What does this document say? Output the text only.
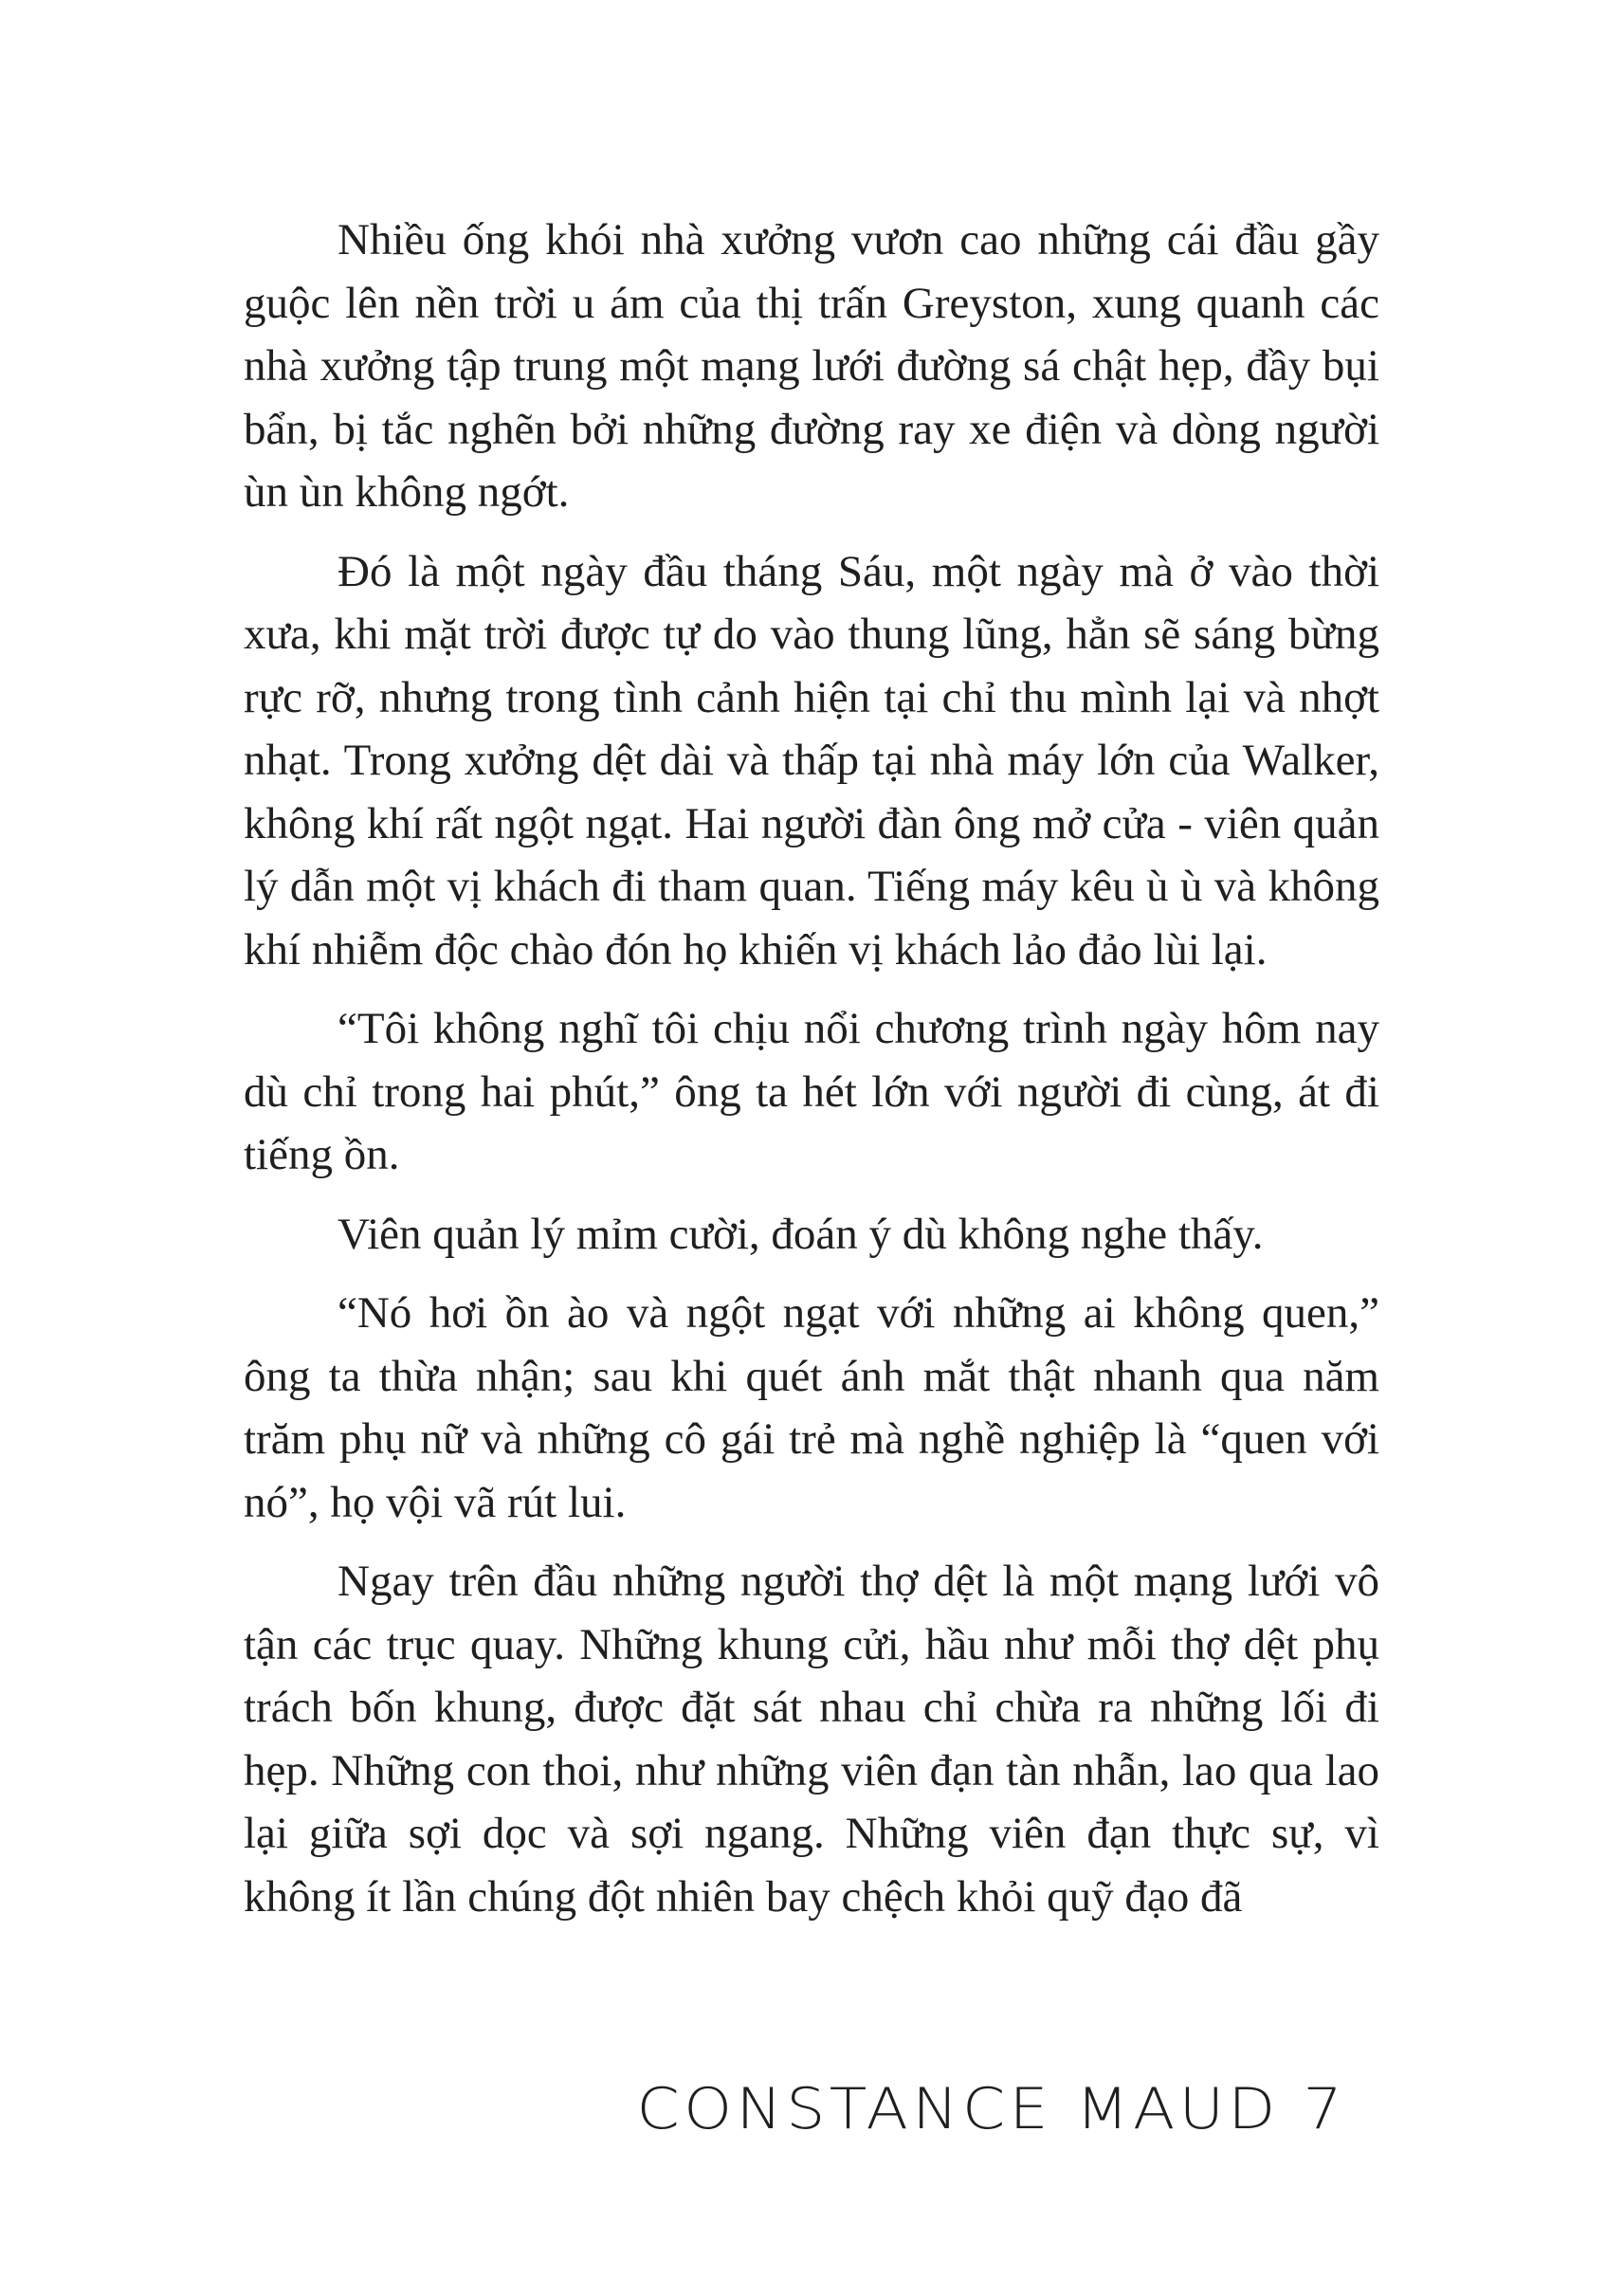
Nhiều ống khói nhà xưởng vươn cao những cái đầu gầy guộc lên nền trời u ám của thị trấn Greyston, xung quanh các nhà xưởng tập trung một mạng lưới đường sá chật hẹp, đầy bụi bẩn, bị tắc nghẽn bởi những đường ray xe điện và dòng người ùn ùn không ngớt.

Đó là một ngày đầu tháng Sáu, một ngày mà ở vào thời xưa, khi mặt trời được tự do vào thung lũng, hẳn sẽ sáng bừng rực rỡ, nhưng trong tình cảnh hiện tại chỉ thu mình lại và nhợt nhạt. Trong xưởng dệt dài và thấp tại nhà máy lớn của Walker, không khí rất ngột ngạt. Hai người đàn ông mở cửa - viên quản lý dẫn một vị khách đi tham quan. Tiếng máy kêu ù ù và không khí nhiễm độc chào đón họ khiến vị khách lảo đảo lùi lại.

“Tôi không nghĩ tôi chịu nổi chương trình ngày hôm nay dù chỉ trong hai phút,” ông ta hét lớn với người đi cùng, át đi tiếng ồn.

Viên quản lý mỉm cười, đoán ý dù không nghe thấy.

“Nó hơi ồn ào và ngột ngạt với những ai không quen,” ông ta thừa nhận; sau khi quét ánh mắt thật nhanh qua năm trăm phụ nữ và những cô gái trẻ mà nghề nghiệp là “quen với nó”, họ vội vã rút lui.

Ngay trên đầu những người thợ dệt là một mạng lưới vô tận các trục quay. Những khung cửi, hầu như mỗi thợ dệt phụ trách bốn khung, được đặt sát nhau chỉ chừa ra những lối đi hẹp. Những con thoi, như những viên đạn tàn nhẫn, lao qua lao lại giữa sợi dọc và sợi ngang. Những viên đạn thực sự, vì không ít lần chúng đột nhiên bay chệch khỏi quỹ đạo đã

CONSTANCE MAUD 7
